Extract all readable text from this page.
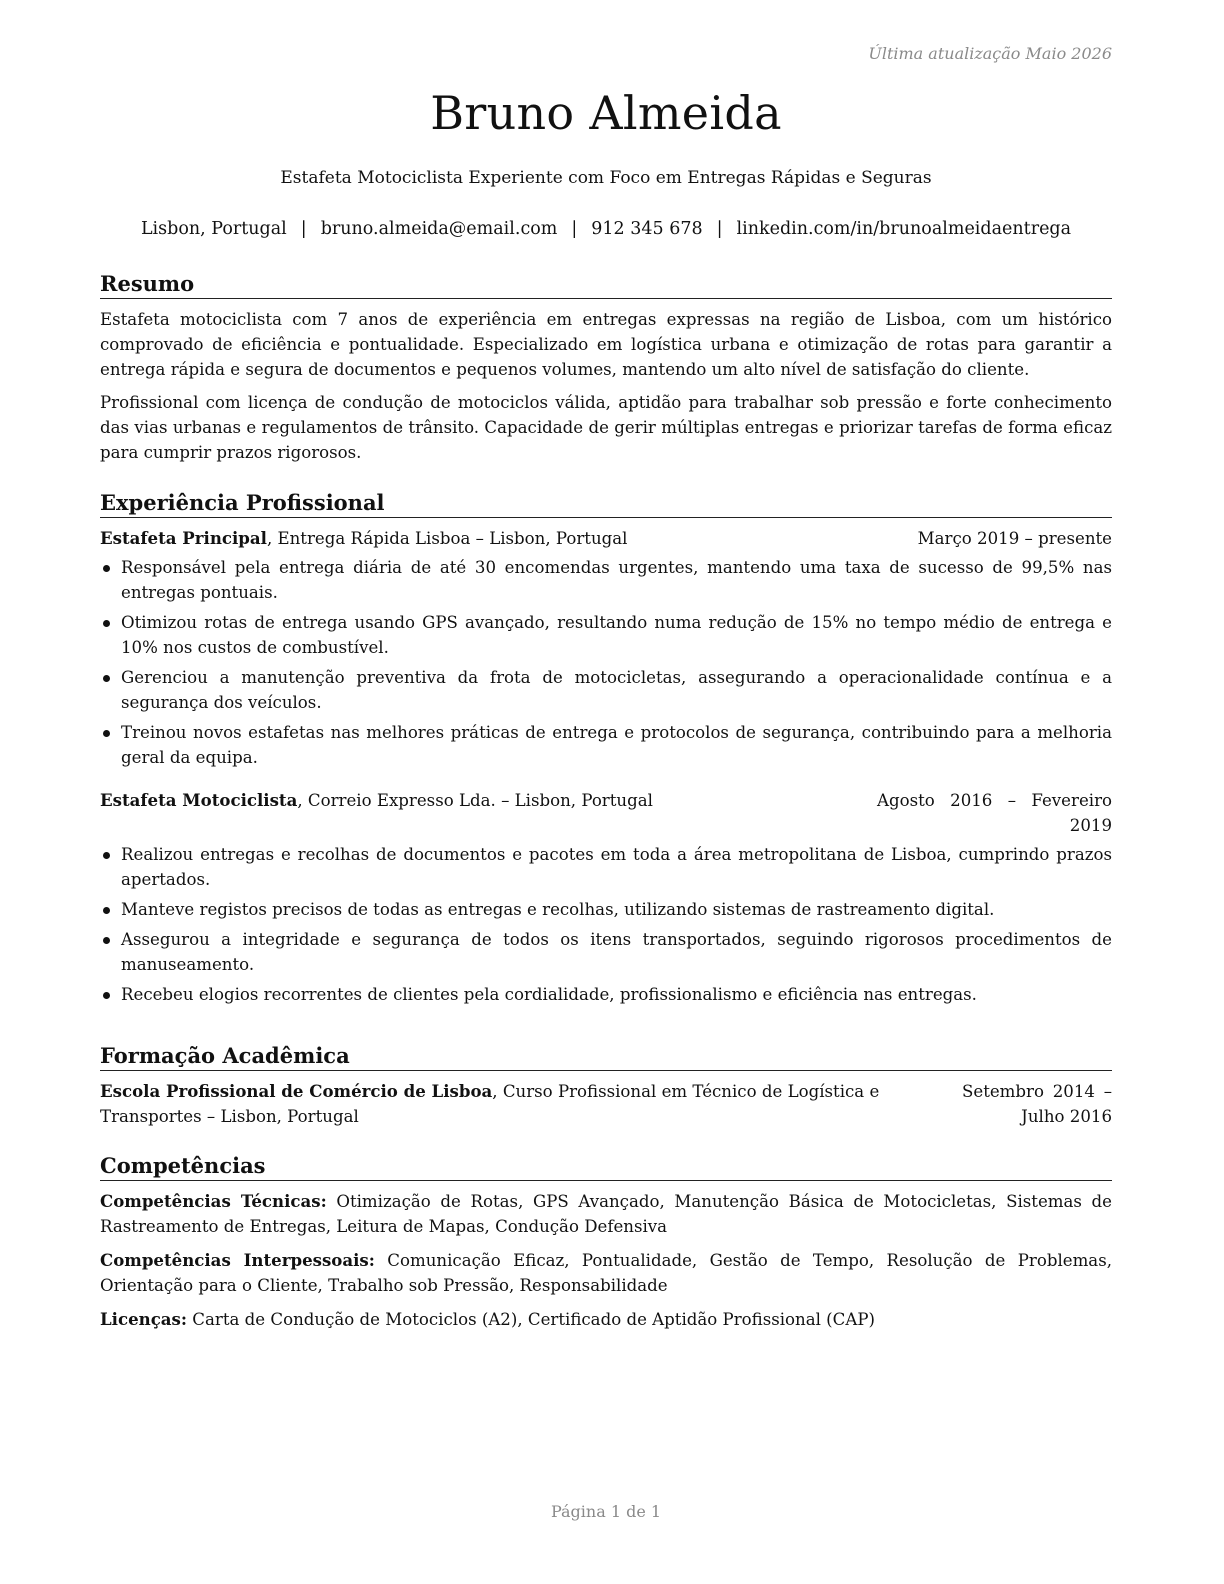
Última atualização Maio 2026
Bruno Almeida
Estafeta Motociclista Experiente com Foco em Entregas Rápidas e Seguras
Lisbon, Portugal | bruno.almeida@email.com | 912 345 678 | linkedin.com/in/brunoalmeidaentrega
Resumo

Estafeta motociclista com 7 anos de experiência em entregas expressas na região de Lisboa, com um histórico comprovado de eficiência e pontualidade. Especializado em logística urbana e otimização de rotas para garantir a entrega rápida e segura de documentos e pequenos volumes, mantendo um alto nível de satisfação do cliente.

Profissional com licença de condução de motociclos válida, aptidão para trabalhar sob pressão e forte conhecimento das vias urbanas e regulamentos de trânsito. Capacidade de gerir múltiplas entregas e priorizar tarefas de forma eficaz para cumprir prazos rigorosos.

Experiência Profissional
Estafeta Principal, Entrega Rápida Lisboa – Lisbon, Portugal	Março 2019 – presente
Responsável pela entrega diária de até 30 encomendas urgentes, mantendo uma taxa de sucesso de 99,5% nas entregas pontuais.
Otimizou rotas de entrega usando GPS avançado, resultando numa redução de 15% no tempo médio de entrega e 10% nos custos de combustível.
Gerenciou a manutenção preventiva da frota de motocicletas, assegurando a operacionalidade contínua e a segurança dos veículos.
Treinou novos estafetas nas melhores práticas de entrega e protocolos de segurança, contribuindo para a melhoria geral da equipa.
Estafeta Motociclista, Correio Expresso Lda. – Lisbon, Portugal	Agosto 2016 – Fevereiro 2019
Realizou entregas e recolhas de documentos e pacotes em toda a área metropolitana de Lisboa, cumprindo prazos apertados.
Manteve registos precisos de todas as entregas e recolhas, utilizando sistemas de rastreamento digital.
Assegurou a integridade e segurança de todos os itens transportados, seguindo rigorosos procedimentos de manuseamento.
Recebeu elogios recorrentes de clientes pela cordialidade, profissionalismo e eficiência nas entregas.
Formação Acadêmica
Escola Profissional de Comércio de Lisboa, Curso Profissional em Técnico de Logística e Transportes – Lisbon, Portugal
Setembro 2014 – Julho 2016
Competências

Competências Técnicas: Otimização de Rotas, GPS Avançado, Manutenção Básica de Motocicletas, Sistemas de Rastreamento de Entregas, Leitura de Mapas, Condução Defensiva

Competências Interpessoais: Comunicação Eficaz, Pontualidade, Gestão de Tempo, Resolução de Problemas, Orientação para o Cliente, Trabalho sob Pressão, Responsabilidade

Licenças: Carta de Condução de Motociclos (A2), Certificado de Aptidão Profissional (CAP)

Página 1 de 1
